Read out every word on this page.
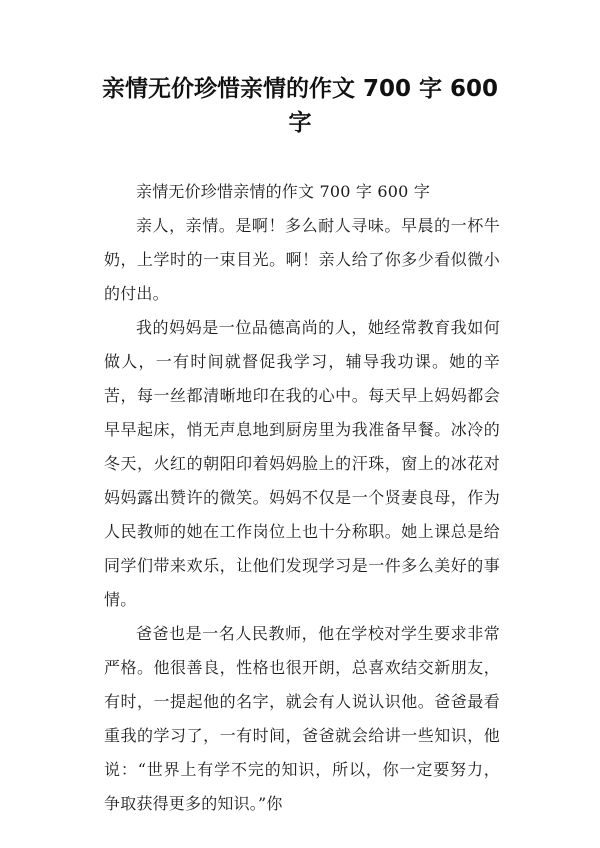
亲情无价珍惜亲情的作文 700 字 600 字

亲情无价珍惜亲情的作文 700 字 600 字

亲人，亲情。是啊！多么耐人寻味。早晨的一杯牛奶，上学时的一束目光。啊！亲人给了你多少看似微小的付出。

我的妈妈是一位品德高尚的人，她经常教育我如何做人，一有时间就督促我学习，辅导我功课。她的辛苦，每一丝都清晰地印在我的心中。每天早上妈妈都会早早起床，悄无声息地到厨房里为我准备早餐。冰冷的冬天，火红的朝阳印着妈妈脸上的汗珠，窗上的冰花对妈妈露出赞许的微笑。妈妈不仅是一个贤妻良母，作为人民教师的她在工作岗位上也十分称职。她上课总是给同学们带来欢乐，让他们发现学习是一件多么美好的事情。

爸爸也是一名人民教师，他在学校对学生要求非常严格。他很善良，性格也很开朗，总喜欢结交新朋友，有时，一提起他的名字，就会有人说认识他。爸爸最看重我的学习了，一有时间，爸爸就会给讲一些知识，他说：“世界上有学不完的知识，所以，你一定要努力，争取获得更多的知识。”你
